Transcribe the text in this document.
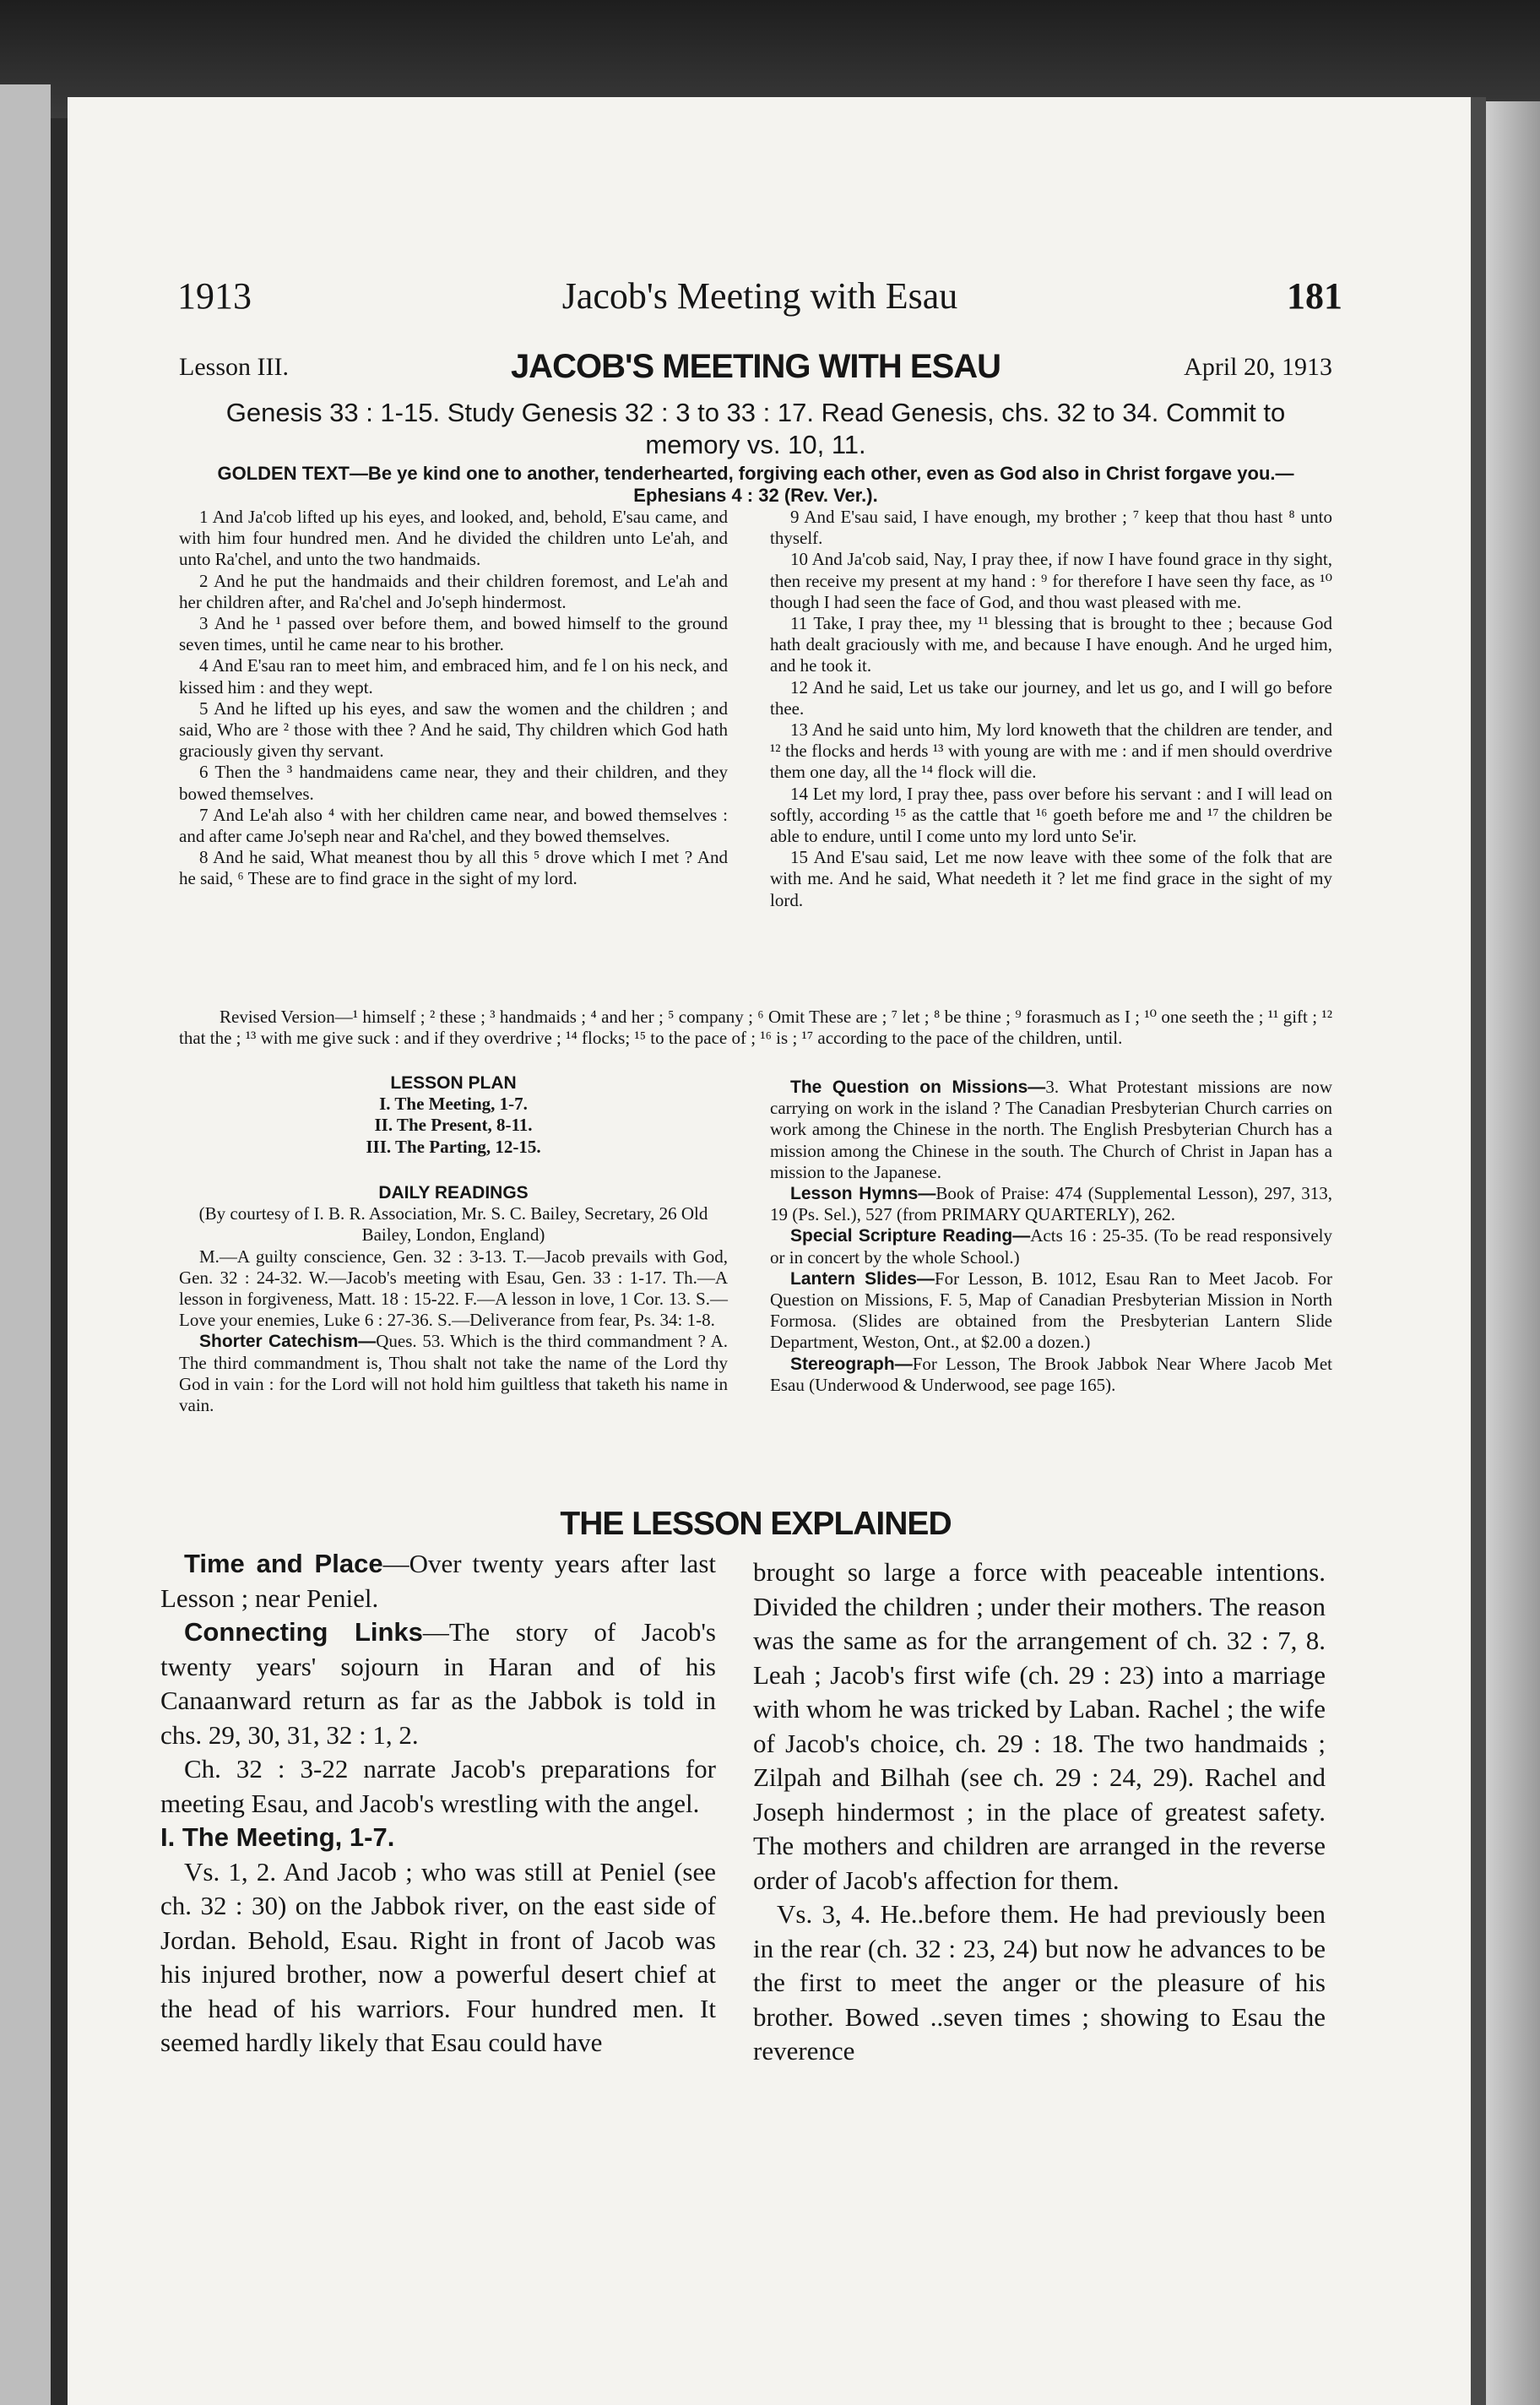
1913	Jacob's Meeting with Esau	181
Lesson III.	JACOB'S MEETING WITH ESAU	April 20, 1913
Genesis 33 : 1-15. Study Genesis 32 : 3 to 33 : 17. Read Genesis, chs. 32 to 34. Commit to memory vs. 10, 11.
GOLDEN TEXT—Be ye kind one to another, tenderhearted, forgiving each other, even as God also in Christ forgave you.—Ephesians 4 : 32 (Rev. Ver.).

1 And Ja'cob lifted up his eyes, and looked, and, behold, E'sau came, and with him four hundred men. And he divided the children unto Le'ah, and unto Ra'chel, and unto the two handmaids.

2 And he put the handmaids and their children foremost, and Le'ah and her children after, and Ra'chel and Jo'seph hindermost.

3 And he ¹ passed over before them, and bowed himself to the ground seven times, until he came near to his brother.

4 And E'sau ran to meet him, and embraced him, and fe l on his neck, and kissed him : and they wept.

5 And he lifted up his eyes, and saw the women and the children ; and said, Who are ² those with thee ? And he said, Thy children which God hath graciously given thy servant.

6 Then the ³ handmaidens came near, they and their children, and they bowed themselves.

7 And Le'ah also ⁴ with her children came near, and bowed themselves : and after came Jo'seph near and Ra'chel, and they bowed themselves.

8 And he said, What meanest thou by all this ⁵ drove which I met ? And he said, ⁶ These are to find grace in the sight of my lord.

9 And E'sau said, I have enough, my brother ; ⁷ keep that thou hast ⁸ unto thyself.

10 And Ja'cob said, Nay, I pray thee, if now I have found grace in thy sight, then receive my present at my hand : ⁹ for therefore I have seen thy face, as ¹⁰ though I had seen the face of God, and thou wast pleased with me.

11 Take, I pray thee, my ¹¹ blessing that is brought to thee ; because God hath dealt graciously with me, and because I have enough. And he urged him, and he took it.

12 And he said, Let us take our journey, and let us go, and I will go before thee.

13 And he said unto him, My lord knoweth that the children are tender, and ¹² the flocks and herds ¹³ with young are with me : and if men should overdrive them one day, all the ¹⁴ flock will die.

14 Let my lord, I pray thee, pass over before his servant : and I will lead on softly, according ¹⁵ as the cattle that ¹⁶ goeth before me and ¹⁷ the children be able to endure, until I come unto my lord unto Se'ir.

15 And E'sau said, Let me now leave with thee some of the folk that are with me. And he said, What needeth it ? let me find grace in the sight of my lord.

Revised Version—¹ himself ; ² these ; ³ handmaids ; ⁴ and her ; ⁵ company ; ⁶ Omit These are ; ⁷ let ; ⁸ be thine ; ⁹ forasmuch as I ; ¹⁰ one seeth the ; ¹¹ gift ; ¹² that the ; ¹³ with me give suck : and if they overdrive ; ¹⁴ flocks; ¹⁵ to the pace of ; ¹⁶ is ; ¹⁷ according to the pace of the children, until.

LESSON PLAN

I. The Meeting, 1-7.

II. The Present, 8-11.

III. The Parting, 12-15.

DAILY READINGS

(By courtesy of I. B. R. Association, Mr. S. C. Bailey, Secretary, 26 Old Bailey, London, England)

M.—A guilty conscience, Gen. 32 : 3-13. T.—Jacob prevails with God, Gen. 32 : 24-32. W.—Jacob's meeting with Esau, Gen. 33 : 1-17. Th.—A lesson in forgiveness, Matt. 18 : 15-22. F.—A lesson in love, 1 Cor. 13. S.—Love your enemies, Luke 6 : 27-36. S.—Deliverance from fear, Ps. 34: 1-8.

Shorter Catechism—Ques. 53. Which is the third commandment ? A. The third commandment is, Thou shalt not take the name of the Lord thy God in vain : for the Lord will not hold him guiltless that taketh his name in vain.

The Question on Missions—3. What Protestant missions are now carrying on work in the island ? The Canadian Presbyterian Church carries on work among the Chinese in the north. The English Presbyterian Church has a mission among the Chinese in the south. The Church of Christ in Japan has a mission to the Japanese.

Lesson Hymns—Book of Praise: 474 (Supplemental Lesson), 297, 313, 19 (Ps. Sel.), 527 (from PRIMARY QUARTERLY), 262.

Special Scripture Reading—Acts 16 : 25-35. (To be read responsively or in concert by the whole School.)

Lantern Slides—For Lesson, B. 1012, Esau Ran to Meet Jacob. For Question on Missions, F. 5, Map of Canadian Presbyterian Mission in North Formosa. (Slides are obtained from the Presbyterian Lantern Slide Department, Weston, Ont., at $2.00 a dozen.)

Stereograph—For Lesson, The Brook Jabbok Near Where Jacob Met Esau (Underwood & Underwood, see page 165).

THE LESSON EXPLAINED

Time and Place—Over twenty years after last Lesson ; near Peniel.

Connecting Links—The story of Jacob's twenty years' sojourn in Haran and of his Canaanward return as far as the Jabbok is told in chs. 29, 30, 31, 32 : 1, 2.

Ch. 32 : 3-22 narrate Jacob's preparations for meeting Esau, and Jacob's wrestling with the angel.

I. The Meeting, 1-7.

Vs. 1, 2. And Jacob ; who was still at Peniel (see ch. 32 : 30) on the Jabbok river, on the east side of Jordan. Behold, Esau. Right in front of Jacob was his injured brother, now a powerful desert chief at the head of his warriors. Four hundred men. It seemed hardly likely that Esau could have

brought so large a force with peaceable intentions. Divided the children ; under their mothers. The reason was the same as for the arrangement of ch. 32 : 7, 8. Leah ; Jacob's first wife (ch. 29 : 23) into a marriage with whom he was tricked by Laban. Rachel ; the wife of Jacob's choice, ch. 29 : 18. The two handmaids ; Zilpah and Bilhah (see ch. 29 : 24, 29). Rachel and Joseph hindermost ; in the place of greatest safety. The mothers and children are arranged in the reverse order of Jacob's affection for them.

Vs. 3, 4. He..before them. He had previously been in the rear (ch. 32 : 23, 24) but now he advances to be the first to meet the anger or the pleasure of his brother. Bowed ..seven times ; showing to Esau the reverence
